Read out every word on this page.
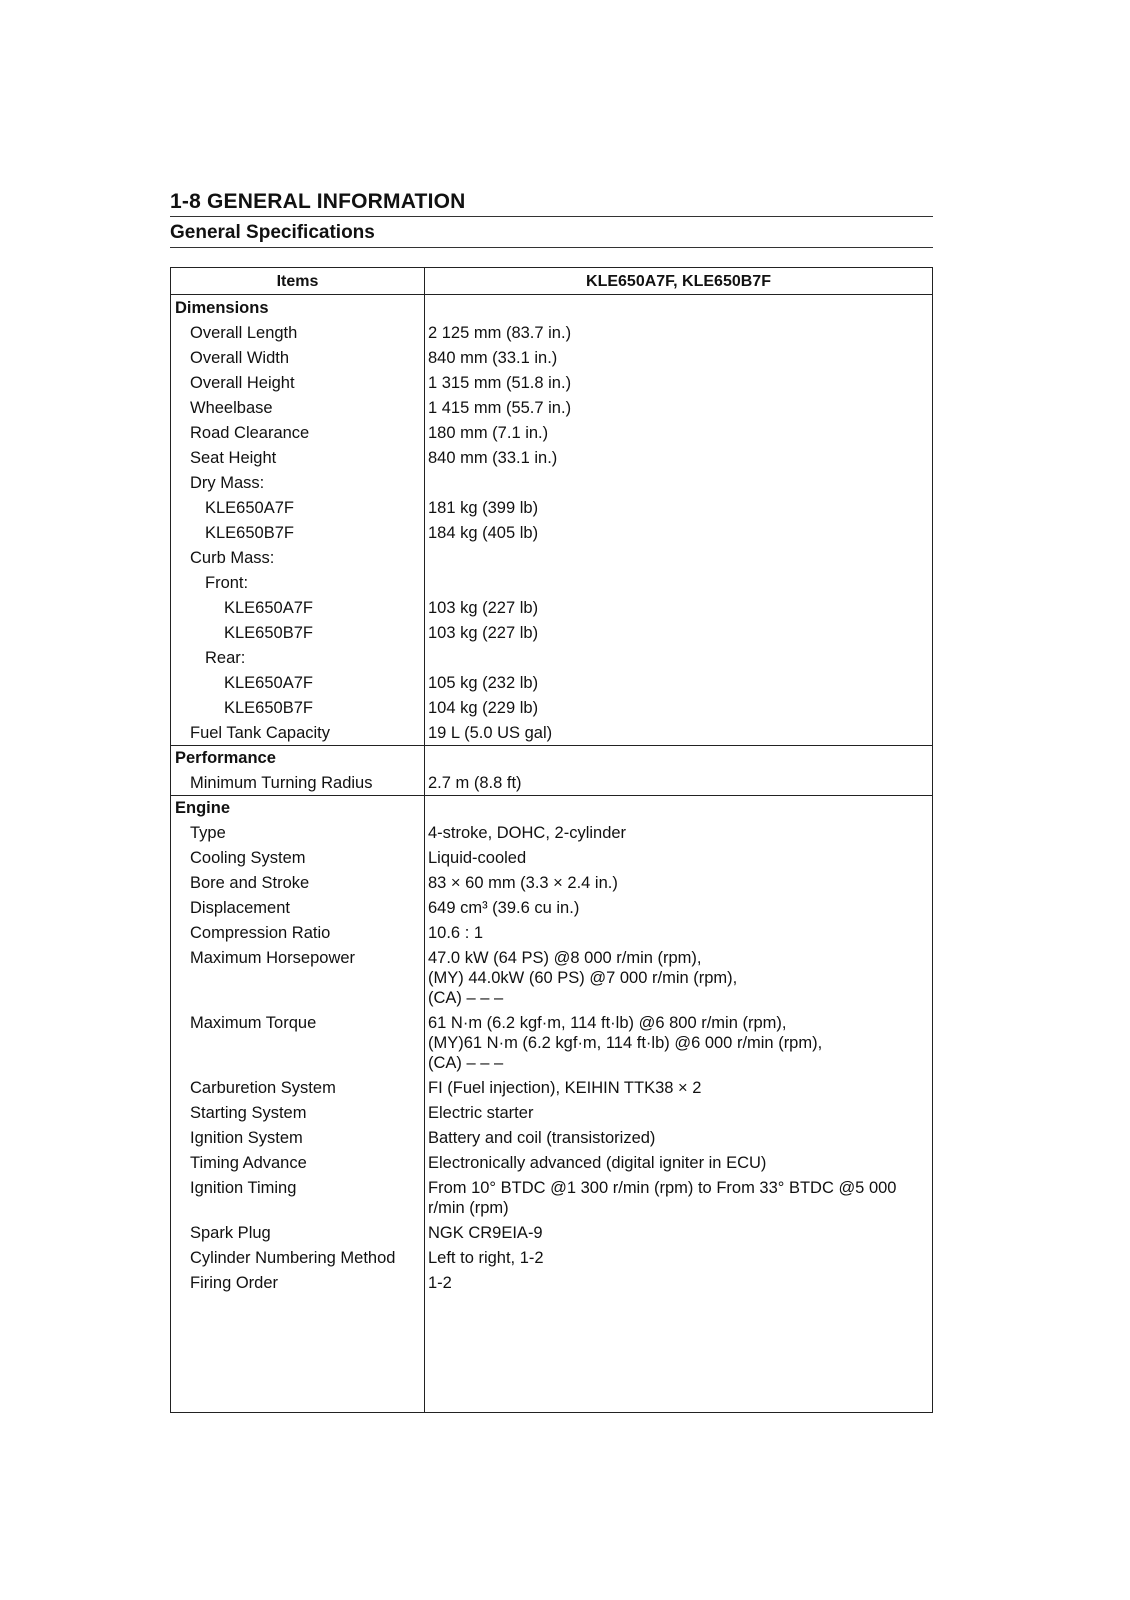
1-8 GENERAL INFORMATION
General Specifications
Items	KLE650A7F, KLE650B7F
Dimensions
Overall Length	2 125 mm (83.7 in.)
Overall Width	840 mm (33.1 in.)
Overall Height	1 315 mm (51.8 in.)
Wheelbase	1 415 mm (55.7 in.)
Road Clearance	180 mm (7.1 in.)
Seat Height	840 mm (33.1 in.)
Dry Mass:
KLE650A7F	181 kg (399 lb)
KLE650B7F	184 kg (405 lb)
Curb Mass:
Front:
KLE650A7F	103 kg (227 lb)
KLE650B7F	103 kg (227 lb)
Rear:
KLE650A7F	105 kg (232 lb)
KLE650B7F	104 kg (229 lb)
Fuel Tank Capacity	19 L (5.0 US gal)
Performance
Minimum Turning Radius	2.7 m (8.8 ft)
Engine
Type	4-stroke, DOHC, 2-cylinder
Cooling System	Liquid-cooled
Bore and Stroke	83 × 60 mm (3.3 × 2.4 in.)
Displacement	649 cm³ (39.6 cu in.)
Compression Ratio	10.6 : 1
Maximum Horsepower	47.0 kW (64 PS) @8 000 r/min (rpm),
(MY) 44.0kW (60 PS) @7 000 r/min (rpm),
(CA) – – –
Maximum Torque	61 N·m (6.2 kgf·m, 114 ft·lb) @6 800 r/min (rpm),
(MY)61 N·m (6.2 kgf·m, 114 ft·lb) @6 000 r/min (rpm),
(CA) – – –
Carburetion System	FI (Fuel injection), KEIHIN TTK38 × 2
Starting System	Electric starter
Ignition System	Battery and coil (transistorized)
Timing Advance	Electronically advanced (digital igniter in ECU)
Ignition Timing	From 10° BTDC @1 300 r/min (rpm) to From 33° BTDC @5 000 r/min (rpm)
Spark Plug	NGK CR9EIA-9
Cylinder Numbering Method	Left to right, 1-2
Firing Order	1-2
